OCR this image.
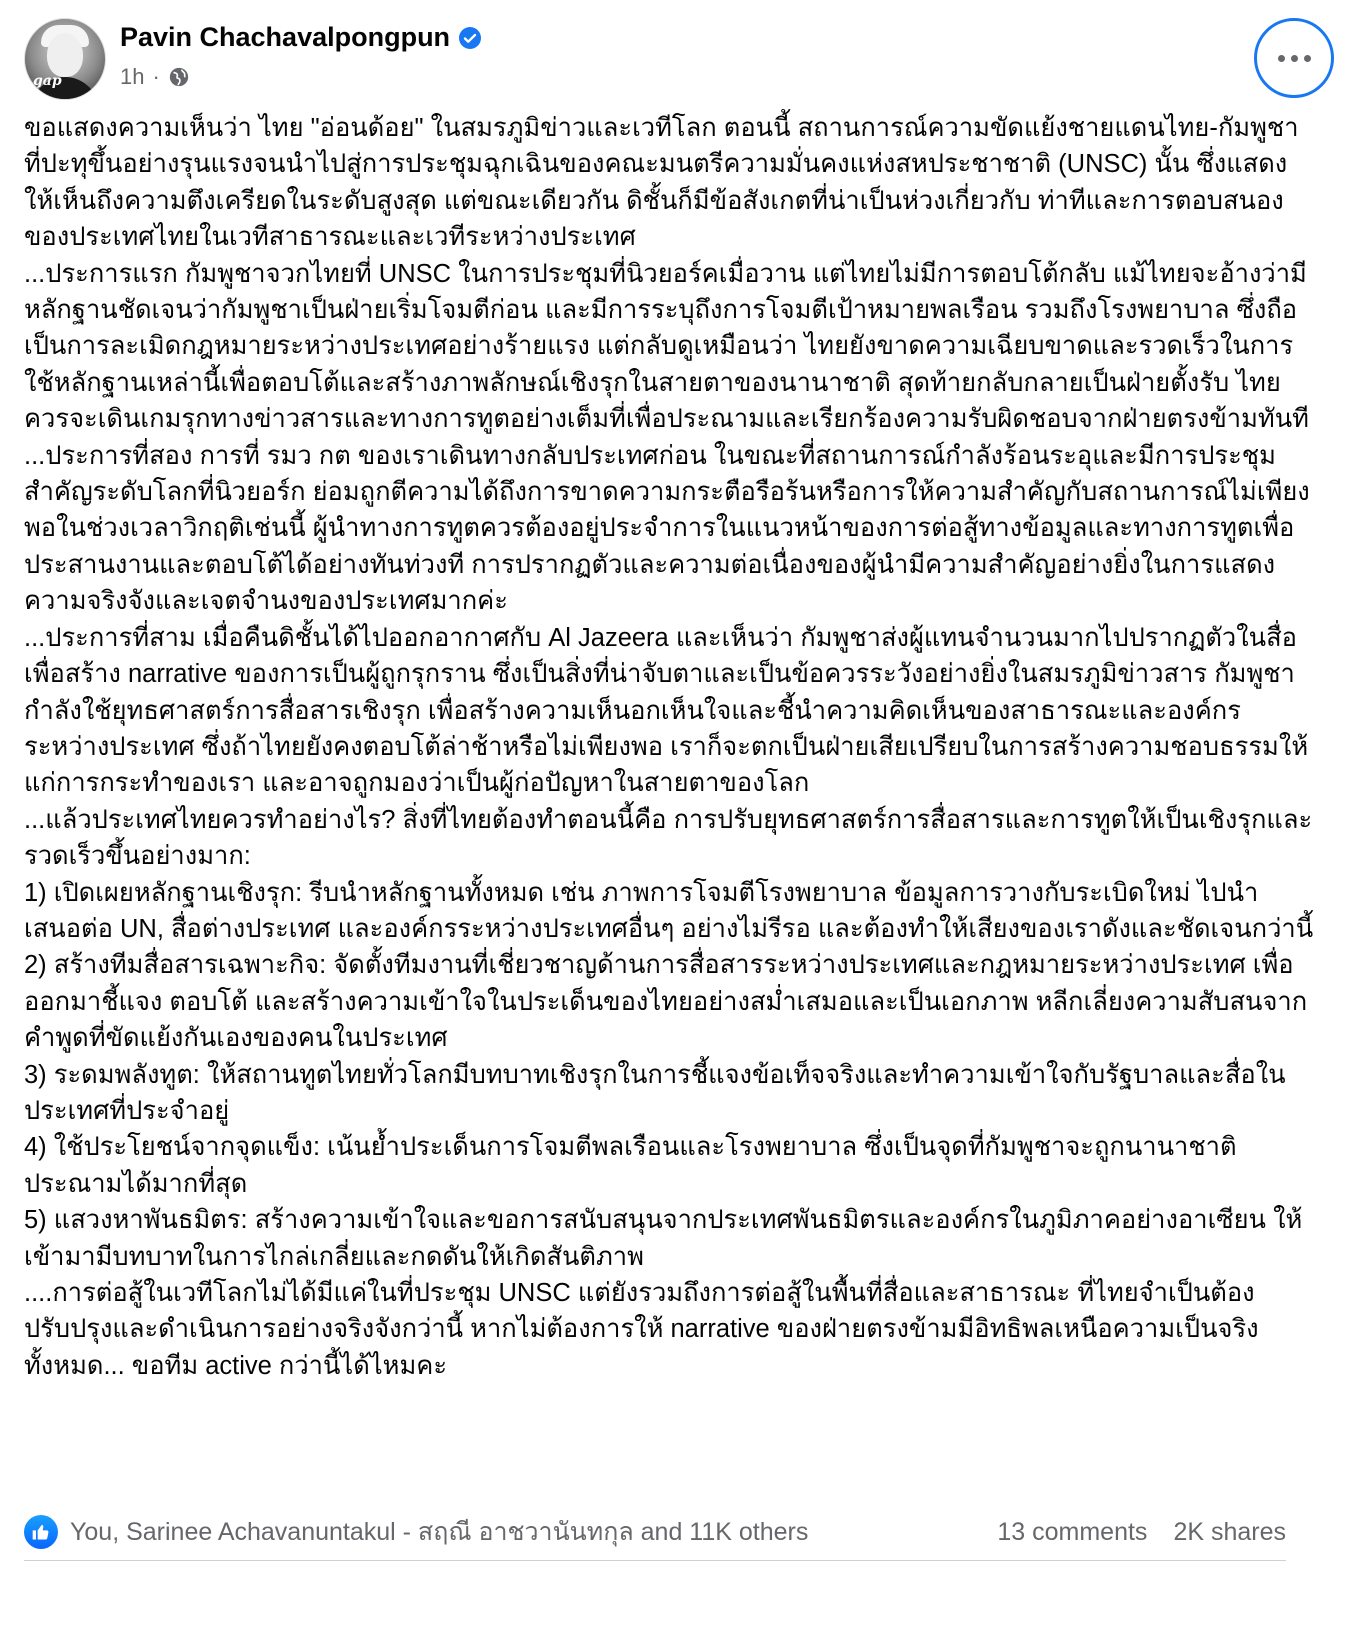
gap
Pavin Chachavalpongpun
1h ·

ขอแสดงความเห็นว่า ไทย "อ่อนด้อย" ในสมรภูมิข่าวและเวทีโลก ตอนนี้ สถานการณ์ความขัดแย้งชายแดนไทย-กัมพูชาที่ปะทุขึ้นอย่างรุนแรงจนนำไปสู่การประชุมฉุกเฉินของคณะมนตรีความมั่นคงแห่งสหประชาชาติ (UNSC) นั้น ซึ่งแสดงให้เห็นถึงความตึงเครียดในระดับสูงสุด แต่ขณะเดียวกัน ดิชั้นก็มีข้อสังเกตที่น่าเป็นห่วงเกี่ยวกับ ท่าทีและการตอบสนองของประเทศไทยในเวทีสาธารณะและเวทีระหว่างประเทศ

...ประการแรก กัมพูชาจวกไทยที่ UNSC ในการประชุมที่นิวยอร์คเมื่อวาน แต่ไทยไม่มีการตอบโต้กลับ แม้ไทยจะอ้างว่ามีหลักฐานชัดเจนว่ากัมพูชาเป็นฝ่ายเริ่มโจมตีก่อน และมีการระบุถึงการโจมตีเป้าหมายพลเรือน รวมถึงโรงพยาบาล ซึ่งถือเป็นการละเมิดกฎหมายระหว่างประเทศอย่างร้ายแรง แต่กลับดูเหมือนว่า ไทยยังขาดความเฉียบขาดและรวดเร็วในการใช้หลักฐานเหล่านี้เพื่อตอบโต้และสร้างภาพลักษณ์เชิงรุกในสายตาของนานาชาติ สุดท้ายกลับกลายเป็นฝ่ายตั้งรับ ไทยควรจะเดินเกมรุกทางข่าวสารและทางการทูตอย่างเต็มที่เพื่อประณามและเรียกร้องความรับผิดชอบจากฝ่ายตรงข้ามทันที

...ประการที่สอง การที่ รมว กต ของเราเดินทางกลับประเทศก่อน ในขณะที่สถานการณ์กำลังร้อนระอุและมีการประชุมสำคัญระดับโลกที่นิวยอร์ก ย่อมถูกตีความได้ถึงการขาดความกระตือรือร้นหรือการให้ความสำคัญกับสถานการณ์ไม่เพียงพอในช่วงเวลาวิกฤติเช่นนี้ ผู้นำทางการทูตควรต้องอยู่ประจำการในแนวหน้าของการต่อสู้ทางข้อมูลและทางการทูตเพื่อประสานงานและตอบโต้ได้อย่างทันท่วงที การปรากฏตัวและความต่อเนื่องของผู้นำมีความสำคัญอย่างยิ่งในการแสดงความจริงจังและเจตจำนงของประเทศมากค่ะ

...ประการที่สาม เมื่อคืนดิชั้นได้ไปออกอากาศกับ Al Jazeera และเห็นว่า กัมพูชาส่งผู้แทนจำนวนมากไปปรากฏตัวในสื่อเพื่อสร้าง narrative ของการเป็นผู้ถูกรุกราน ซึ่งเป็นสิ่งที่น่าจับตาและเป็นข้อควรระวังอย่างยิ่งในสมรภูมิข่าวสาร กัมพูชากำลังใช้ยุทธศาสตร์การสื่อสารเชิงรุก เพื่อสร้างความเห็นอกเห็นใจและชี้นำความคิดเห็นของสาธารณะและองค์กรระหว่างประเทศ ซึ่งถ้าไทยยังคงตอบโต้ล่าช้าหรือไม่เพียงพอ เราก็จะตกเป็นฝ่ายเสียเปรียบในการสร้างความชอบธรรมให้แก่การกระทำของเรา และอาจถูกมองว่าเป็นผู้ก่อปัญหาในสายตาของโลก

...แล้วประเทศไทยควรทำอย่างไร? สิ่งที่ไทยต้องทำตอนนี้คือ การปรับยุทธศาสตร์การสื่อสารและการทูตให้เป็นเชิงรุกและรวดเร็วขึ้นอย่างมาก:

1) เปิดเผยหลักฐานเชิงรุก: รีบนำหลักฐานทั้งหมด เช่น ภาพการโจมตีโรงพยาบาล ข้อมูลการวางกับระเบิดใหม่ ไปนำเสนอต่อ UN, สื่อต่างประเทศ และองค์กรระหว่างประเทศอื่นๆ อย่างไม่รีรอ และต้องทำให้เสียงของเราดังและชัดเจนกว่านี้

2) สร้างทีมสื่อสารเฉพาะกิจ: จัดตั้งทีมงานที่เชี่ยวชาญด้านการสื่อสารระหว่างประเทศและกฎหมายระหว่างประเทศ เพื่อออกมาชี้แจง ตอบโต้ และสร้างความเข้าใจในประเด็นของไทยอย่างสม่ำเสมอและเป็นเอกภาพ หลีกเลี่ยงความสับสนจากคำพูดที่ขัดแย้งกันเองของคนในประเทศ

3) ระดมพลังทูต: ให้สถานทูตไทยทั่วโลกมีบทบาทเชิงรุกในการชี้แจงข้อเท็จจริงและทำความเข้าใจกับรัฐบาลและสื่อในประเทศที่ประจำอยู่

4) ใช้ประโยชน์จากจุดแข็ง: เน้นย้ำประเด็นการโจมตีพลเรือนและโรงพยาบาล ซึ่งเป็นจุดที่กัมพูชาจะถูกนานาชาติประณามได้มากที่สุด

5) แสวงหาพันธมิตร: สร้างความเข้าใจและขอการสนับสนุนจากประเทศพันธมิตรและองค์กรในภูมิภาคอย่างอาเซียน ให้เข้ามามีบทบาทในการไกล่เกลี่ยและกดดันให้เกิดสันติภาพ

....การต่อสู้ในเวทีโลกไม่ได้มีแค่ในที่ประชุม UNSC แต่ยังรวมถึงการต่อสู้ในพื้นที่สื่อและสาธารณะ ที่ไทยจำเป็นต้องปรับปรุงและดำเนินการอย่างจริงจังกว่านี้ หากไม่ต้องการให้ narrative ของฝ่ายตรงข้ามมีอิทธิพลเหนือความเป็นจริงทั้งหมด... ขอทีม active กว่านี้ได้ไหมคะ

You, Sarinee Achavanuntakul - สฤณี อาชวานันทกุล and 11K others	13 comments 2K shares
